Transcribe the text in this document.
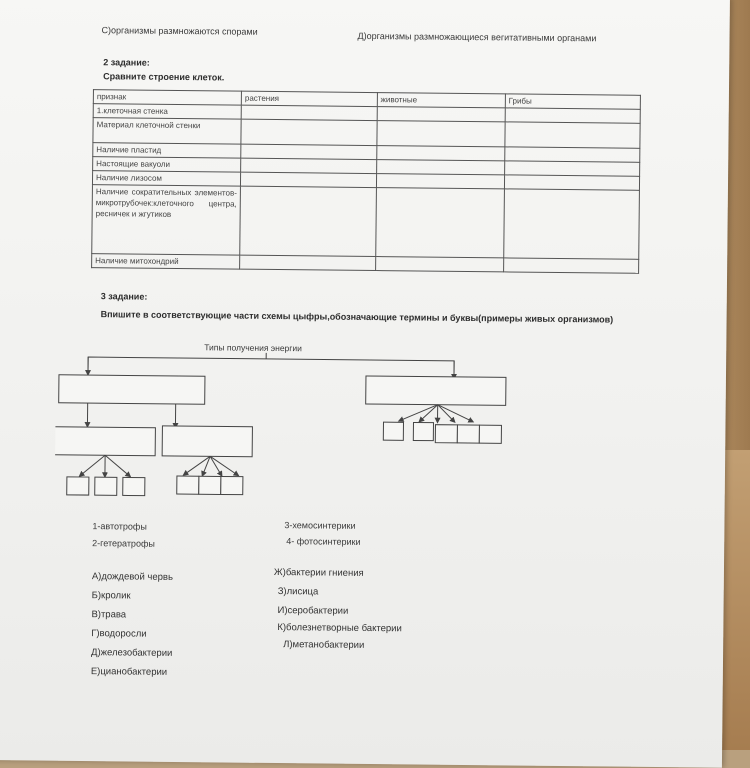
С)организмы размножаются спорами	Д)организмы размножающиеся вегитативными органами
2 задание:
Сравните строение клеток.
признак	растения	животные	Грибы
1.клеточная стенка			
Материал клеточной стенки			
Наличие пластид			
Настоящие вакуоли			
Наличие лизосом			
Наличие сократительных элементов-микротрубочек:клеточного центра, ресничек и жгутиков			
Наличие митохондрий			
3 задание:
Впишите в соответствующие части схемы цыфры,обозначающие термины и буквы(примеры живых организмов)
Типы получения энергии
1-автотрофы
2-гетератрофы
3-хемосинтерики
4- фотосинтерики
А)дождевой червь
Б)кролик
В)трава
Г)водоросли
Д)железобактерии
Е)цианобактерии
Ж)бактерии гниения
З)лисица
И)серобактерии
К)болезнетворные бактерии
Л)метанобактерии
